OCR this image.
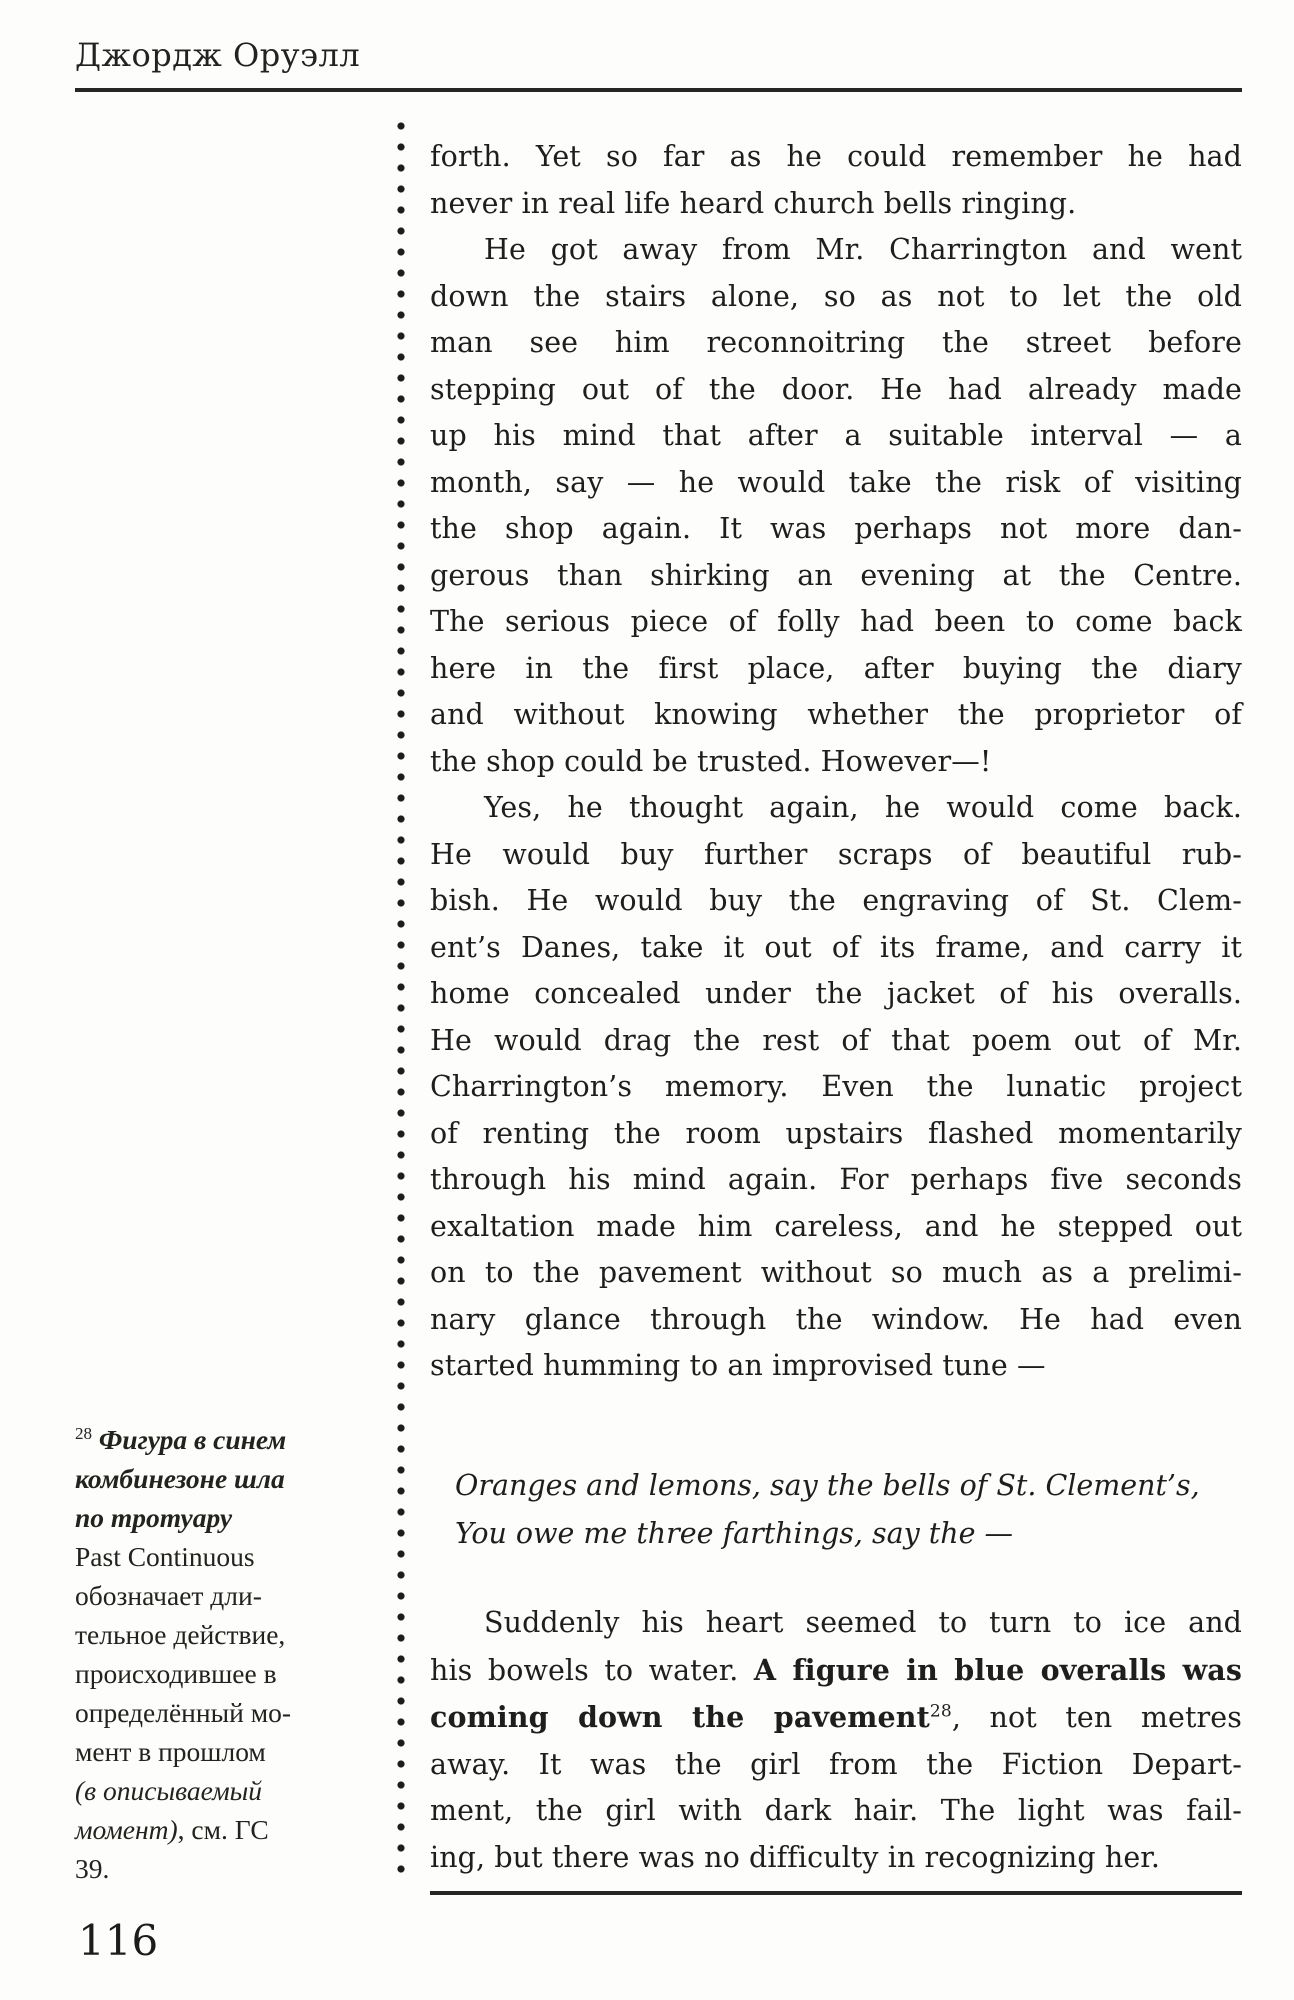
Джордж Оруэлл
forth. Yet so far as he could remember he had
never in real life heard church bells ringing.
He got away from Mr. Charrington and went
down the stairs alone, so as not to let the old
man see him reconnoitring the street before
stepping out of the door. He had already made
up his mind that after a suitable interval — a
month, say — he would take the risk of visiting
the shop again. It was perhaps not more dan-
gerous than shirking an evening at the Centre.
The serious piece of folly had been to come back
here in the first place, after buying the diary
and without knowing whether the proprietor of
the shop could be trusted. However—!
Yes, he thought again, he would come back.
He would buy further scraps of beautiful rub-
bish. He would buy the engraving of St. Clem-
ent’s Danes, take it out of its frame, and carry it
home concealed under the jacket of his overalls.
He would drag the rest of that poem out of Mr.
Charrington’s memory. Even the lunatic project
of renting the room upstairs flashed momentarily
through his mind again. For perhaps five seconds
exaltation made him careless, and he stepped out
on to the pavement without so much as a prelimi-
nary glance through the window. He had even
started humming to an improvised tune —
Oranges and lemons, say the bells of St. Clement’s,
You owe me three farthings, say the —
Suddenly his heart seemed to turn to ice and
his bowels to water. A figure in blue overalls was
coming down the pavement$^{28}$, not ten metres
away. It was the girl from the Fiction Depart-
ment, the girl with dark hair. The light was fail-
ing, but there was no difficulty in recognizing her.
$^{28}$ Фигура в синем
комбинезоне шла
по тротуару
Past Continuous
обозначает дли-
тельное действие,
происходившее в
определённый мо-
мент в прошлом
(в описываемый
момент), см. ГС
39.
116
